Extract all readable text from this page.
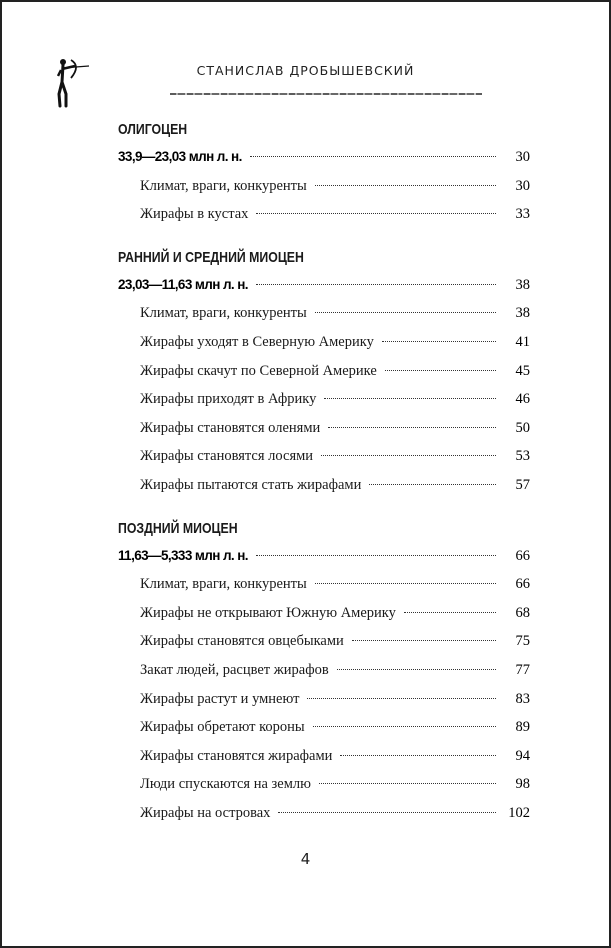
СТАНИСЛАВ ДРОБЫШЕВСКИЙ
ОЛИГОЦЕН
33,9—23,03 млн л. н.	30
Климат, враги, конкуренты	30
Жирафы в кустах	33
РАННИЙ И СРЕДНИЙ МИОЦЕН
23,03—11,63 млн л. н.	38
Климат, враги, конкуренты	38
Жирафы уходят в Северную Америку	41
Жирафы скачут по Северной Америке	45
Жирафы приходят в Африку	46
Жирафы становятся оленями	50
Жирафы становятся лосями	53
Жирафы пытаются стать жирафами	57
ПОЗДНИЙ МИОЦЕН
11,63—5,333 млн л. н.	66
Климат, враги, конкуренты	66
Жирафы не открывают Южную Америку	68
Жирафы становятся овцебыками	75
Закат людей, расцвет жирафов	77
Жирафы растут и умнеют	83
Жирафы обретают короны	89
Жирафы становятся жирафами	94
Люди спускаются на землю	98
Жирафы на островах	102
4
